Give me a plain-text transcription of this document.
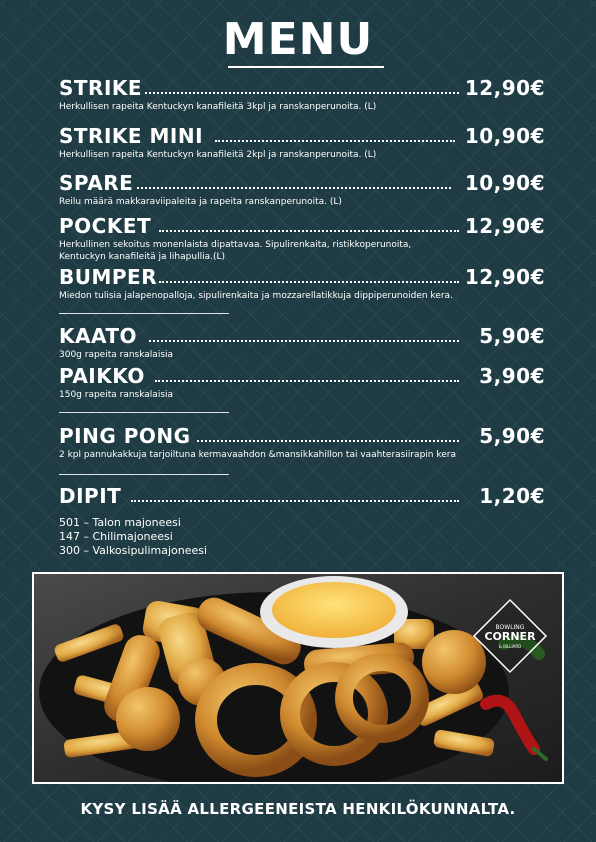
MENU
STRIKE	12,90€
Herkullisen rapeita Kentuckyn kanafileitä 3kpl ja ranskanperunoita. (L)
STRIKE MINI	10,90€
Herkullisen rapeita Kentuckyn kanafileitä 2kpl ja ranskanperunoita. (L)
SPARE	10,90€
Reilu määrä makkaraviipaleita ja rapeita ranskanperunoita. (L)
POCKET	12,90€
Herkullinen sekoitus monenlaista dipattavaa. Sipulirenkaita, ristikkoperunoita,
Kentuckyn kanafileitä ja lihapullia.(L)
BUMPER	12,90€
Miedon tulisia jalapenopalloja, sipulirenkaita ja mozzarellatikkuja dippiperunoiden kera.
KAATO	5,90€
300g rapeita ranskalaisia
PAIKKO	3,90€
150g rapeita ranskalaisia
PING PONG	5,90€
2 kpl pannukakkuja tarjoiltuna kermavaahdon &mansikkahillon tai vaahterasiirapin kera
DIPIT	1,20€
501 – Talon majoneesi
147 – Chilimajoneesi
300 – Valkosipulimajoneesi
BOWLING
CORNER
& BILLIARD
KYSY LISÄÄ ALLERGEENEISTA HENKILÖKUNNALTA.
